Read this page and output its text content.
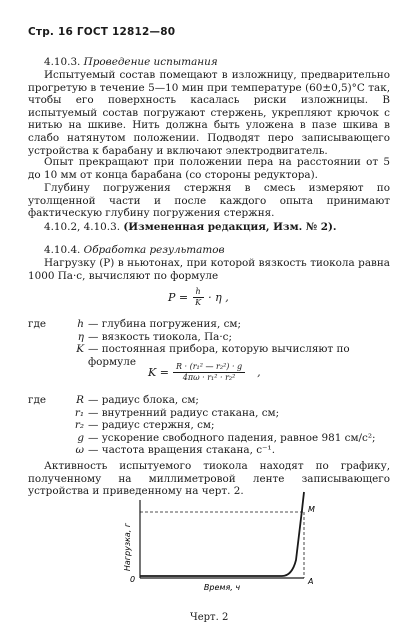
Стр. 16 ГОСТ 12812—80
4.10.3. Проведение испытания
Испытуемый состав помещают в изложницу, предварительно прогретую в течение 5—10 мин при температуре (60±0,5)°С так, чтобы его поверхность касалась риски изложницы. В испытуемый состав погружают стержень, укрепляют крючок с нитью на шкиве. Нить должна быть уложена в пазе шкива в слабо натянутом положении. Подводят перо записывающего устройства к барабану и включают электродвигатель.
Опыт прекращают при положении пера на расстоянии от 5 до 10 мм от конца барабана (со стороны редуктора).
Глубину погружения стержня в смесь измеряют по утолщенной части и после каждого опыта принимают фактическую глубину погружения стержня.
4.10.2, 4.10.3. (Измененная редакция, Изм. № 2).
4.10.4. Обработка результатов
Нагрузку (P) в ньютонах, при которой вязкость тиокола равна 1000 Па·с, вычисляют по формуле
$P = \frac{h}{K} \cdot \eta$ ,
где	h — глубина погружения, см;
η — вязкость тиокола, Па·с;
K — постоянная прибора, которую вычисляют по формуле
$K = \frac{\text{R · (r₁² — r₂²) · g}}{\text{4πω · r₁² · r₂²}}$ ,
где	R — радиус блока, см;
r₁ — внутренний радиус стакана, см;
r₂ — радиус стержня, см;
g — ускорение свободного падения, равное 981 см/с²;
ω — частота вращения стакана, с⁻¹.
Активность испытуемого тиокола находят по графику, полученному на миллиметровой ленте записывающего устройства и приведенному на черт. 2.
Нагрузка, г
Время, ч
0	A
M
Черт. 2
